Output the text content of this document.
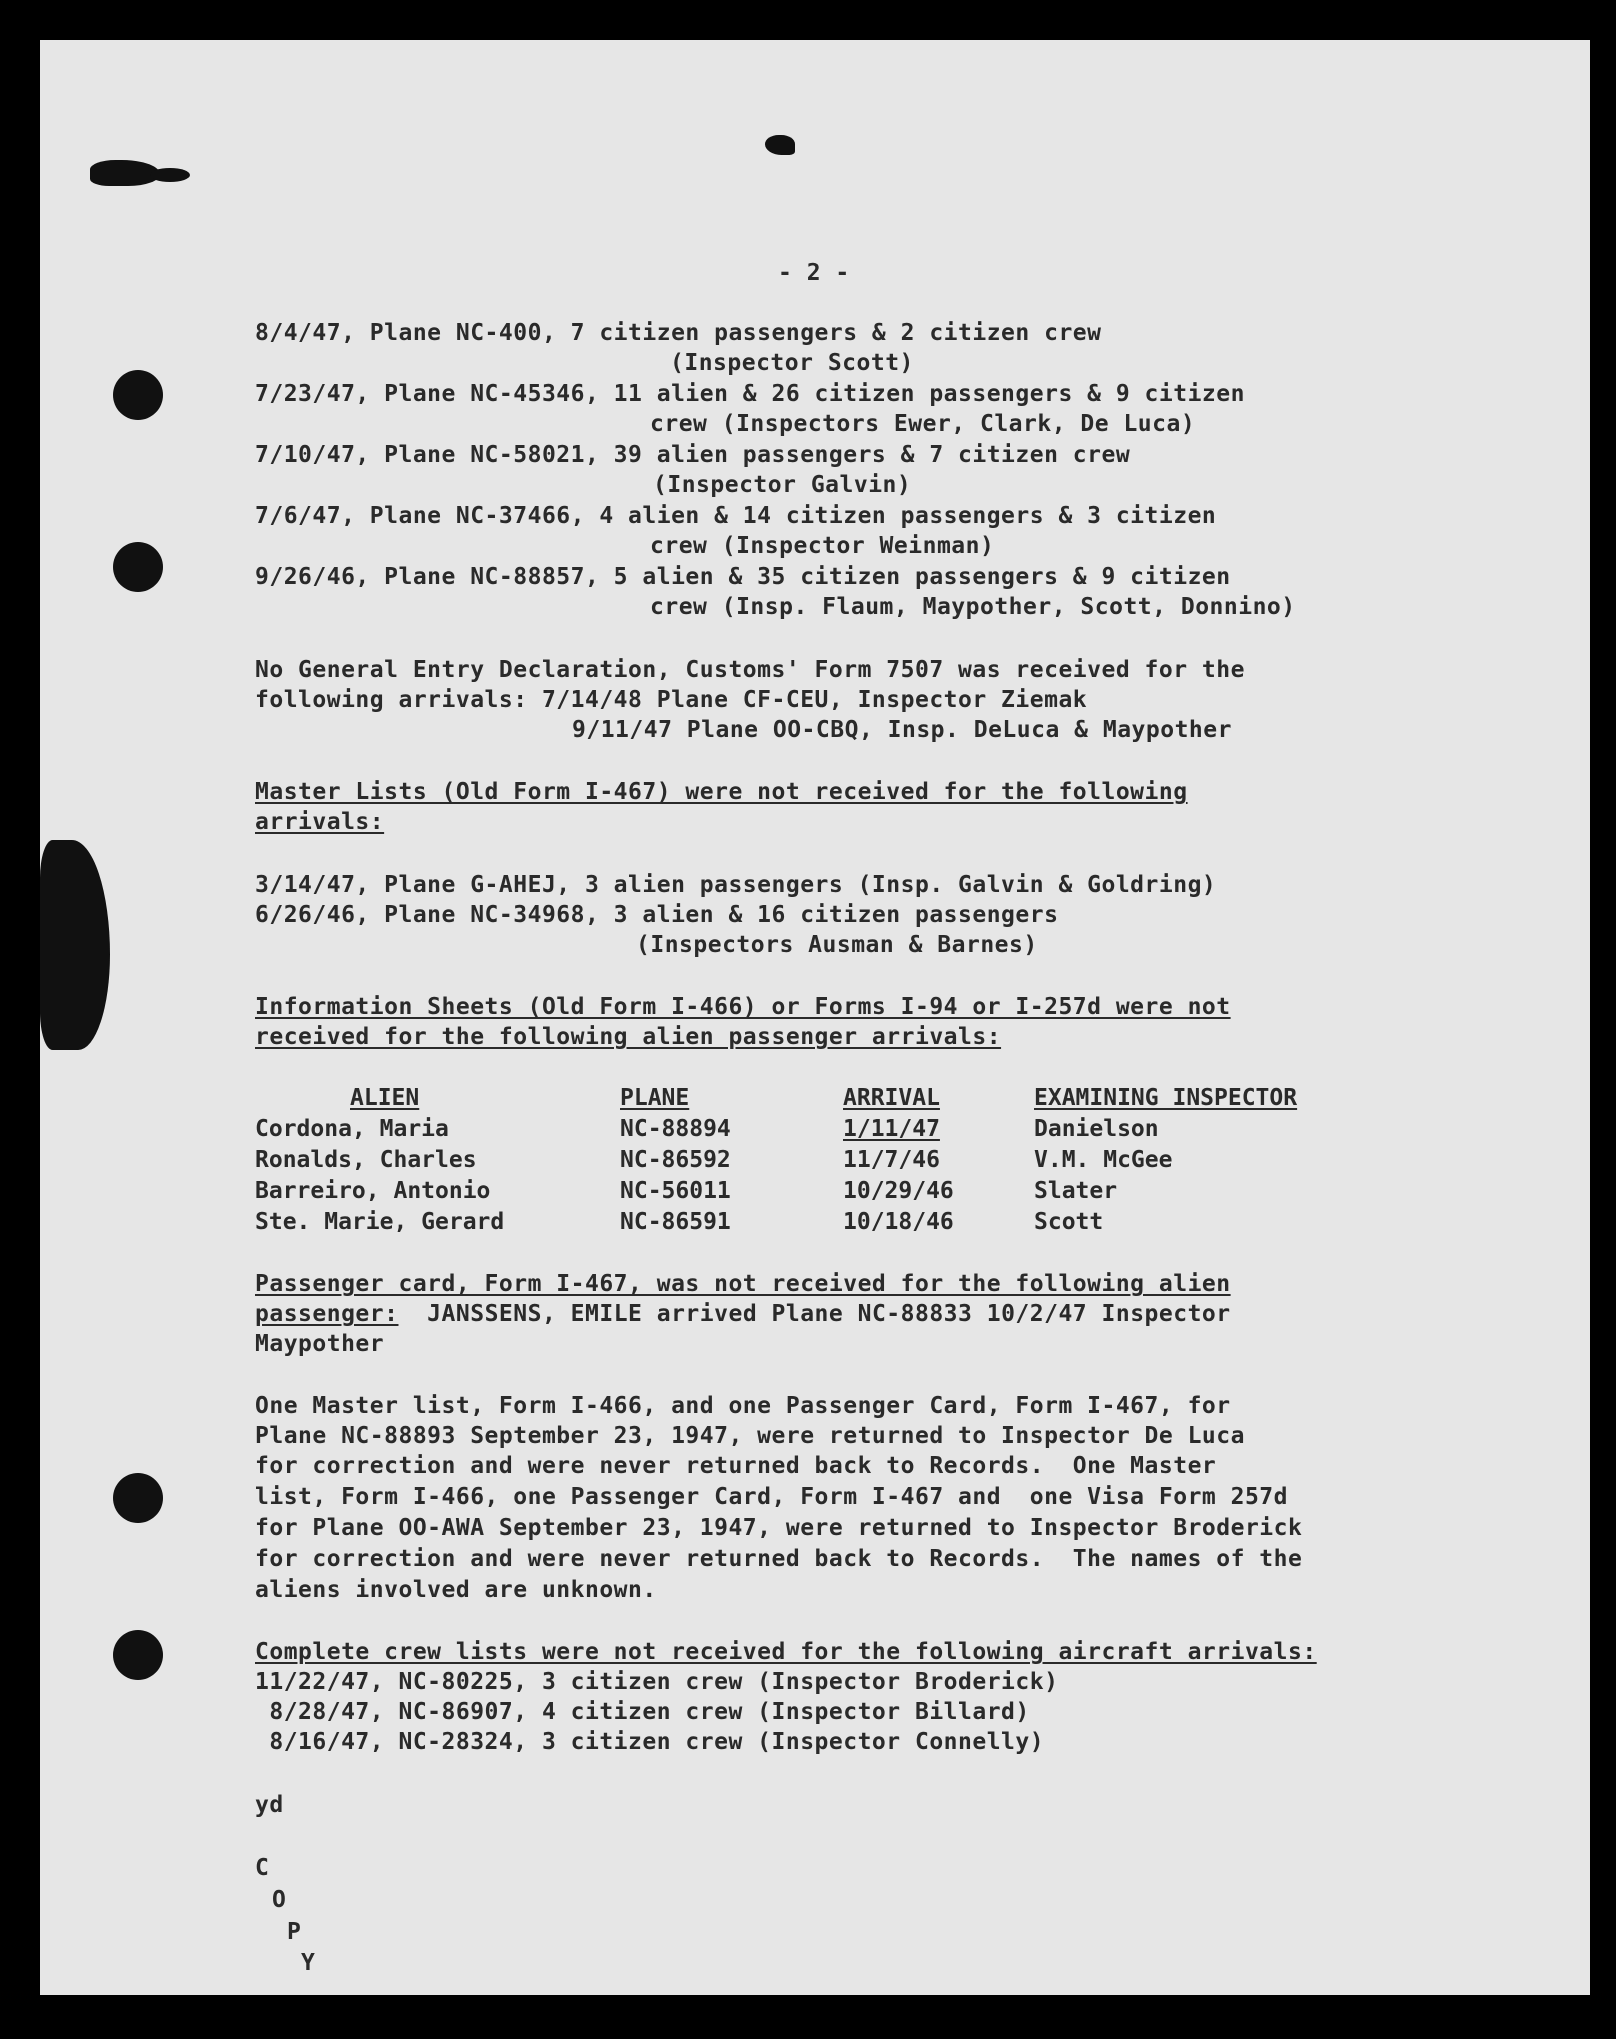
- 2 -
8/4/47, Plane NC-400, 7 citizen passengers & 2 citizen crew
(Inspector Scott)
7/23/47, Plane NC-45346, 11 alien & 26 citizen passengers & 9 citizen
crew (Inspectors Ewer, Clark, De Luca)
7/10/47, Plane NC-58021, 39 alien passengers & 7 citizen crew
(Inspector Galvin)
7/6/47, Plane NC-37466, 4 alien & 14 citizen passengers & 3 citizen
crew (Inspector Weinman)
9/26/46, Plane NC-88857, 5 alien & 35 citizen passengers & 9 citizen
crew (Insp. Flaum, Maypother, Scott, Donnino)
No General Entry Declaration, Customs' Form 7507 was received for the
following arrivals: 7/14/48 Plane CF-CEU, Inspector Ziemak
9/11/47 Plane OO-CBQ, Insp. DeLuca & Maypother
Master Lists (Old Form I-467) were not received for the following
arrivals:
3/14/47, Plane G-AHEJ, 3 alien passengers (Insp. Galvin & Goldring)
6/26/46, Plane NC-34968, 3 alien & 16 citizen passengers
(Inspectors Ausman & Barnes)
Information Sheets (Old Form I-466) or Forms I-94 or I-257d were not
received for the following alien passenger arrivals:
ALIEN	PLANE	ARRIVAL	EXAMINING INSPECTOR
Cordona, Maria	NC-88894	1/11/47	Danielson
Ronalds, Charles	NC-86592	11/7/46	V.M. McGee
Barreiro, Antonio	NC-56011	10/29/46	Slater
Ste. Marie, Gerard	NC-86591	10/18/46	Scott
Passenger card, Form I-467, was not received for the following alien
passenger:  JANSSENS, EMILE arrived Plane NC-88833 10/2/47 Inspector
Maypother
One Master list, Form I-466, and one Passenger Card, Form I-467, for
Plane NC-88893 September 23, 1947, were returned to Inspector De Luca
for correction and were never returned back to Records.  One Master
list, Form I-466, one Passenger Card, Form I-467 and  one Visa Form 257d
for Plane OO-AWA September 23, 1947, were returned to Inspector Broderick
for correction and were never returned back to Records.  The names of the
aliens involved are unknown.
Complete crew lists were not received for the following aircraft arrivals:
11/22/47, NC-80225, 3 citizen crew (Inspector Broderick)
8/28/47, NC-86907, 4 citizen crew (Inspector Billard)
8/16/47, NC-28324, 3 citizen crew (Inspector Connelly)
yd
C
O
P
Y
